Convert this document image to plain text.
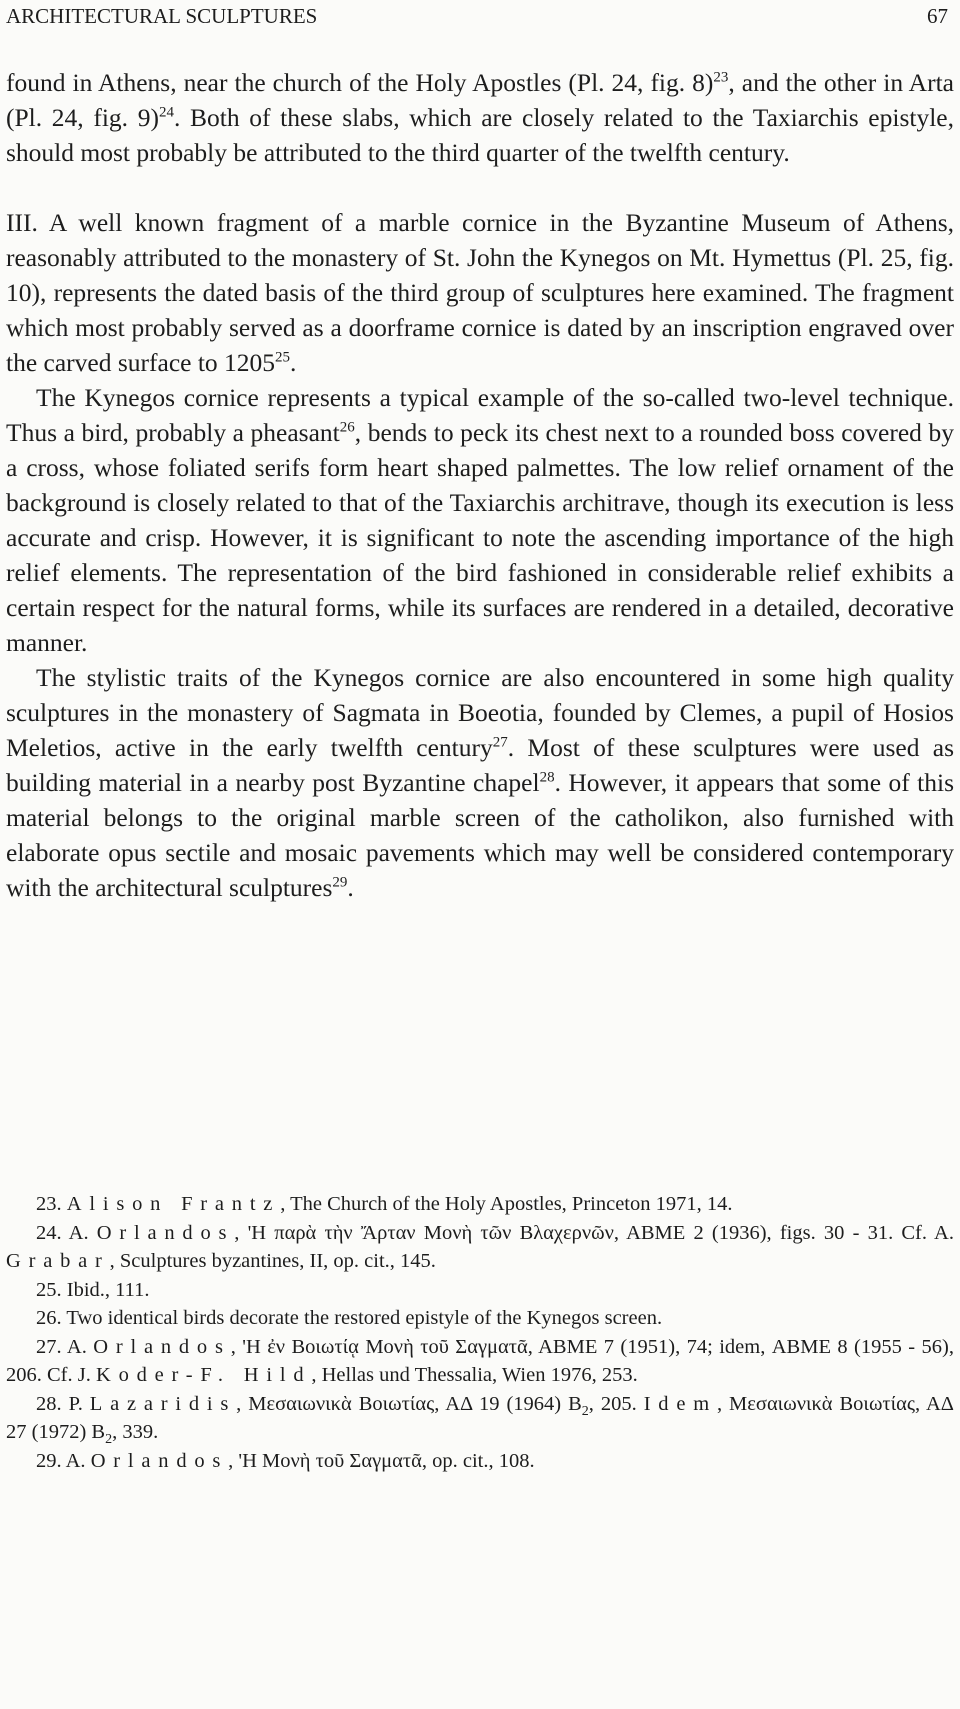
ARCHITECTURAL SCULPTURES	67

found in Athens, near the church of the Holy Apostles (Pl. 24, fig. 8)$^{23}$, and the other in Arta (Pl. 24, fig. 9)$^{24}$. Both of these slabs, which are closely related to the Taxiarchis epistyle, should most probably be attributed to the third quarter of the twelfth century.

III. A well known fragment of a marble cornice in the Byzantine Museum of Athens, reasonably attributed to the monastery of St. John the Kynegos on Mt. Hymettus (Pl. 25, fig. 10), represents the dated basis of the third group of sculptures here examined. The fragment which most probably served as a doorframe cornice is dated by an inscription engraved over the carved surface to 1205$^{25}$.

The Kynegos cornice represents a typical example of the so-called two-level technique. Thus a bird, probably a pheasant$^{26}$, bends to peck its chest next to a rounded boss covered by a cross, whose foliated serifs form heart shaped palmettes. The low relief ornament of the background is closely related to that of the Taxiarchis architrave, though its execution is less accurate and crisp. However, it is significant to note the ascending importance of the high relief elements. The representation of the bird fashioned in considerable relief exhibits a certain respect for the natural forms, while its surfaces are rendered in a detailed, decorative manner.

The stylistic traits of the Kynegos cornice are also encountered in some high quality sculptures in the monastery of Sagmata in Boeotia, founded by Clemes, a pupil of Hosios Meletios, active in the early twelfth century$^{27}$. Most of these sculptures were used as building material in a nearby post Byzantine chapel$^{28}$. However, it appears that some of this material belongs to the original marble screen of the catholikon, also furnished with elaborate opus sectile and mosaic pavements which may well be considered contemporary with the architectural sculptures$^{29}$.

23. Alison Frantz, The Church of the Holy Apostles, Princeton 1971, 14.

24. A. Orlandos, 'Η παρὰ τὴν Ἄρταν Μονὴ τῶν Βλαχερνῶν, ΑΒΜΕ 2 (1936), figs. 30 - 31. Cf. A. Grabar, Sculptures byzantines, II, op. cit., 145.

25. Ibid., 111.

26. Two identical birds decorate the restored epistyle of the Kynegos screen.

27. A. Orlandos, 'Η ἐν Βοιωτίᾳ Μονὴ τοῦ Σαγματᾶ, ΑΒΜΕ 7 (1951), 74; idem, ΑΒΜΕ 8 (1955 - 56), 206. Cf. J. Koder-F. Hild, Hellas und Thessalia, Wien 1976, 253.

28. P. Lazaridis, Μεσαιωνικὰ Βοιωτίας, ΑΔ 19 (1964) $B_2$, 205. Idem, Μεσαιωνικὰ Βοιωτίας, ΑΔ 27 (1972) $B_2$, 339.

29. A. Orlandos, 'Η Μονὴ τοῦ Σαγματᾶ, op. cit., 108.
